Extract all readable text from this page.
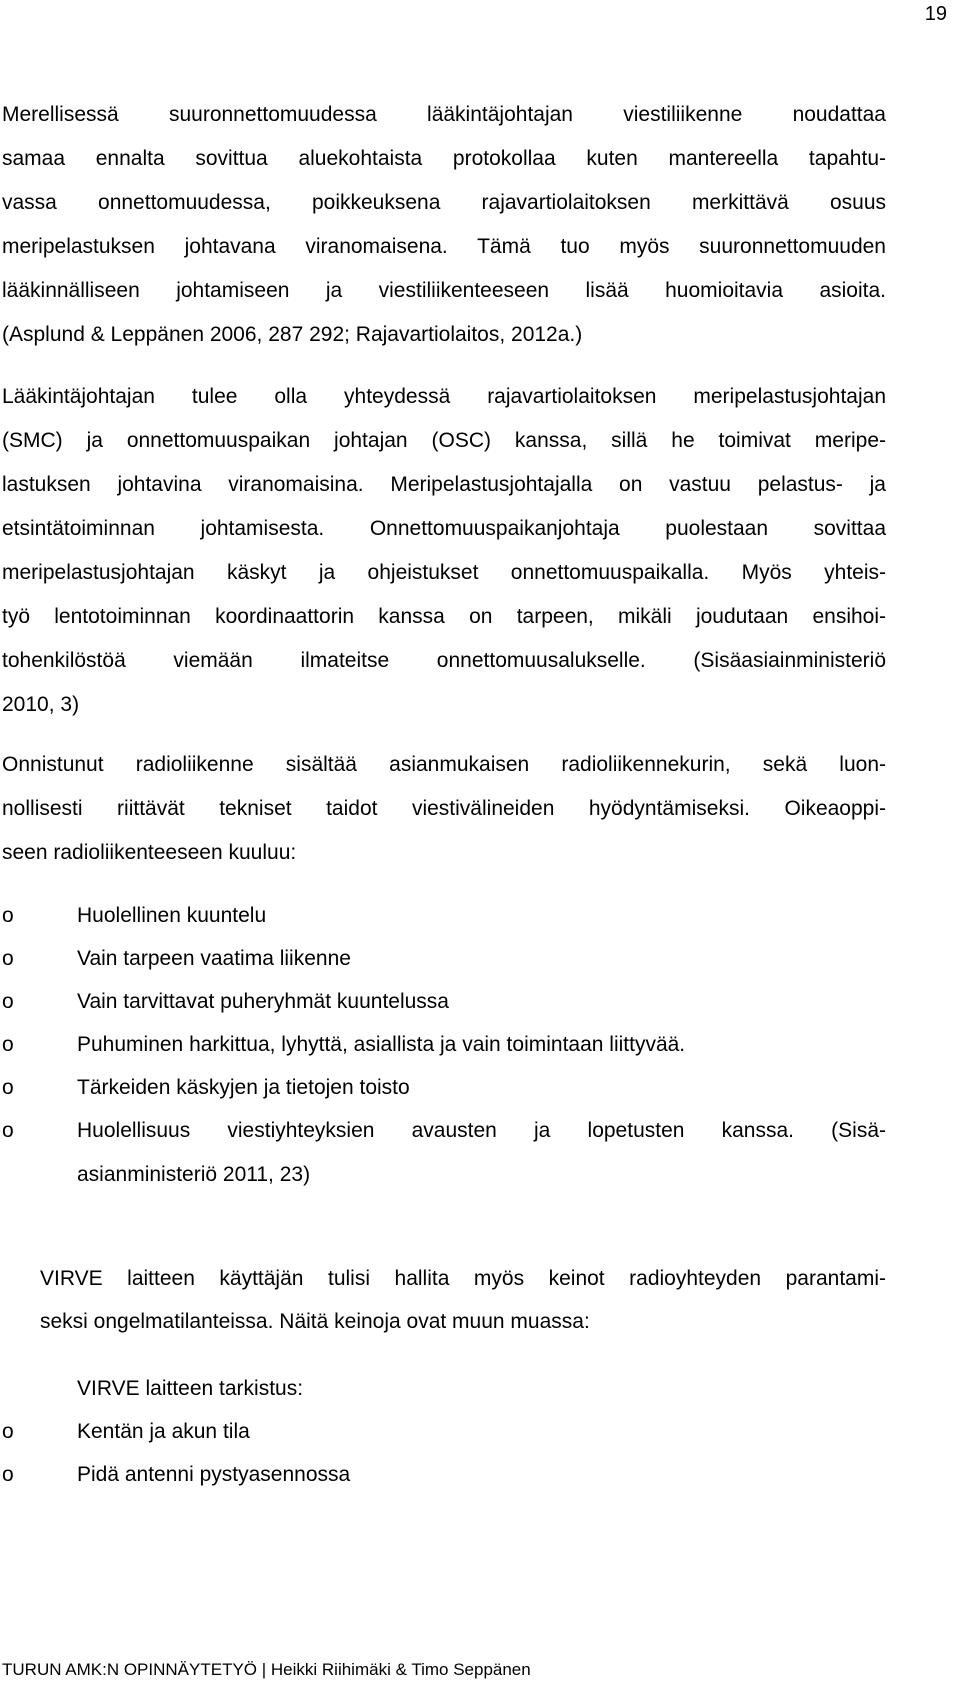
19
Merellisessä suuronnettomuudessa lääkintäjohtajan viestiliikenne noudattaa
samaa ennalta sovittua aluekohtaista protokollaa kuten mantereella tapahtu-
vassa onnettomuudessa, poikkeuksena rajavartiolaitoksen merkittävä osuus
meripelastuksen johtavana viranomaisena. Tämä tuo myös suuronnettomuuden
lääkinnälliseen johtamiseen ja viestiliikenteeseen lisää huomioitavia asioita.
(Asplund & Leppänen 2006, 287 292; Rajavartiolaitos, 2012a.)
Lääkintäjohtajan tulee olla yhteydessä rajavartiolaitoksen meripelastusjohtajan
(SMC) ja onnettomuuspaikan johtajan (OSC) kanssa, sillä he toimivat meripe-
lastuksen johtavina viranomaisina. Meripelastusjohtajalla on vastuu pelastus- ja
etsintätoiminnan johtamisesta. Onnettomuuspaikanjohtaja puolestaan sovittaa
meripelastusjohtajan käskyt ja ohjeistukset onnettomuuspaikalla. Myös yhteis-
työ lentotoiminnan koordinaattorin kanssa on tarpeen, mikäli joudutaan ensihoi-
tohenkilöstöä viemään ilmateitse onnettomuusalukselle. (Sisäasiainministeriö
2010, 3)
Onnistunut radioliikenne sisältää asianmukaisen radioliikennekurin, sekä luon-
nollisesti riittävät tekniset taidot viestivälineiden hyödyntämiseksi. Oikeaoppi-
seen radioliikenteeseen kuuluu:
o	Huolellinen kuuntelu
o	Vain tarpeen vaatima liikenne
o	Vain tarvittavat puheryhmät kuuntelussa
o	Puhuminen harkittua, lyhyttä, asiallista ja vain toimintaan liittyvää.
o	Tärkeiden käskyjen ja tietojen toisto
o	Huolellisuus viestiyhteyksien avausten ja lopetusten kanssa. (Sisä-
asianministeriö 2011, 23)
VIRVE laitteen käyttäjän tulisi hallita myös keinot radioyhteyden parantami-
seksi ongelmatilanteissa. Näitä keinoja ovat muun muassa:
VIRVE laitteen tarkistus:
o	Kentän ja akun tila
o	Pidä antenni pystyasennossa
TURUN AMK:N OPINNÄYTETYÖ | Heikki Riihimäki & Timo Seppänen
